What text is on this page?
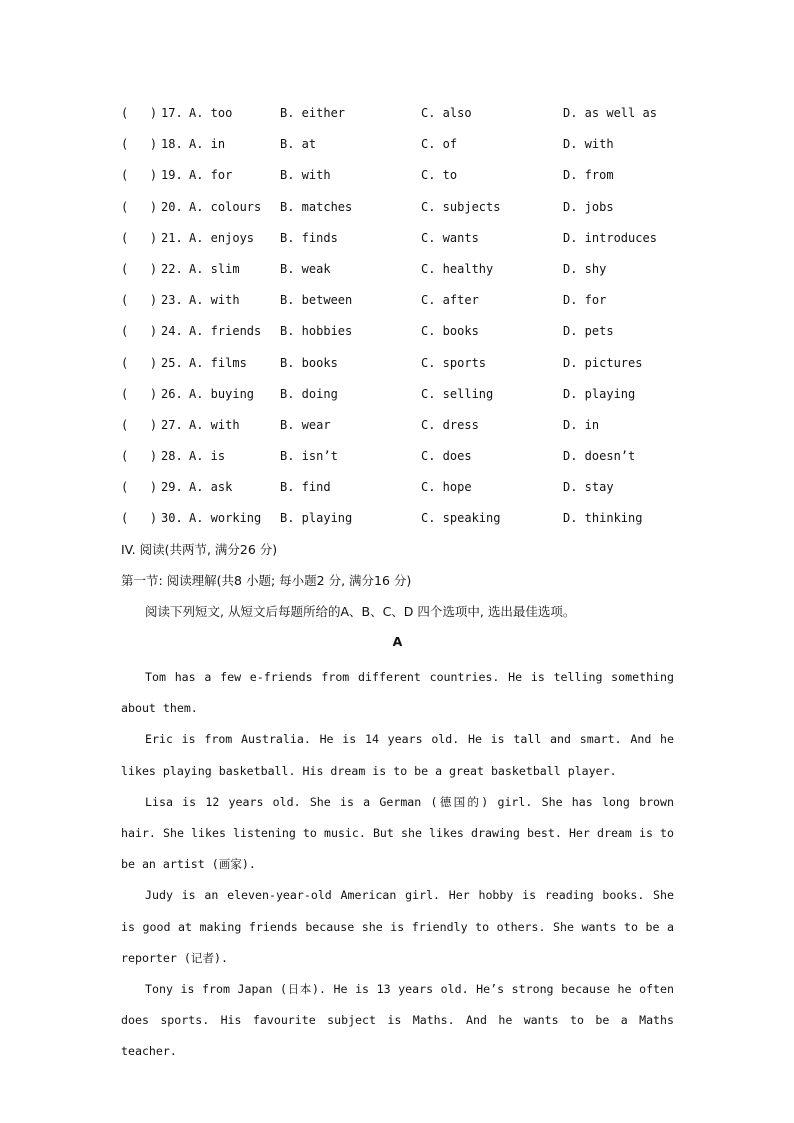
(   ) 17. A. too	B. either	C. also	D. as well as
(   ) 18. A. in	B. at	C. of	D. with
(   ) 19. A. for	B. with	C. to	D. from
(   ) 20. A. colours	B. matches	C. subjects	D. jobs
(   ) 21. A. enjoys	B. finds	C. wants	D. introduces
(   ) 22. A. slim	B. weak	C. healthy	D. shy
(   ) 23. A. with	B. between	C. after	D. for
(   ) 24. A. friends	B. hobbies	C. books	D. pets
(   ) 25. A. films	B. books	C. sports	D. pictures
(   ) 26. A. buying	B. doing	C. selling	D. playing
(   ) 27. A. with	B. wear	C. dress	D. in
(   ) 28. A. is	B. isn’t	C. does	D. doesn’t
(   ) 29. A. ask	B. find	C. hope	D. stay
(   ) 30. A. working	B. playing	C. speaking	D. thinking
IV. 阅读(共两节, 满分26 分)
第一节: 阅读理解(共8 小题; 每小题2 分, 满分16 分)
阅读下列短文, 从短文后每题所给的A、B、C、D 四个选项中, 选出最佳选项。
A

Tom has a few e-friends from different countries. He is telling something about them.

Eric is from Australia. He is 14 years old. He is tall and smart. And he likes playing basketball. His dream is to be a great basketball player.

Lisa is 12 years old. She is a German (德国的) girl. She has long brown hair. She likes listening to music. But she likes drawing best. Her dream is to be an artist (画家).

Judy is an eleven-year-old American girl. Her hobby is reading books. She is good at making friends because she is friendly to others. She wants to be a reporter (记者).

Tony is from Japan (日本). He is 13 years old. He’s strong because he often does sports. His favourite subject is Maths. And he wants to be a Maths teacher.
